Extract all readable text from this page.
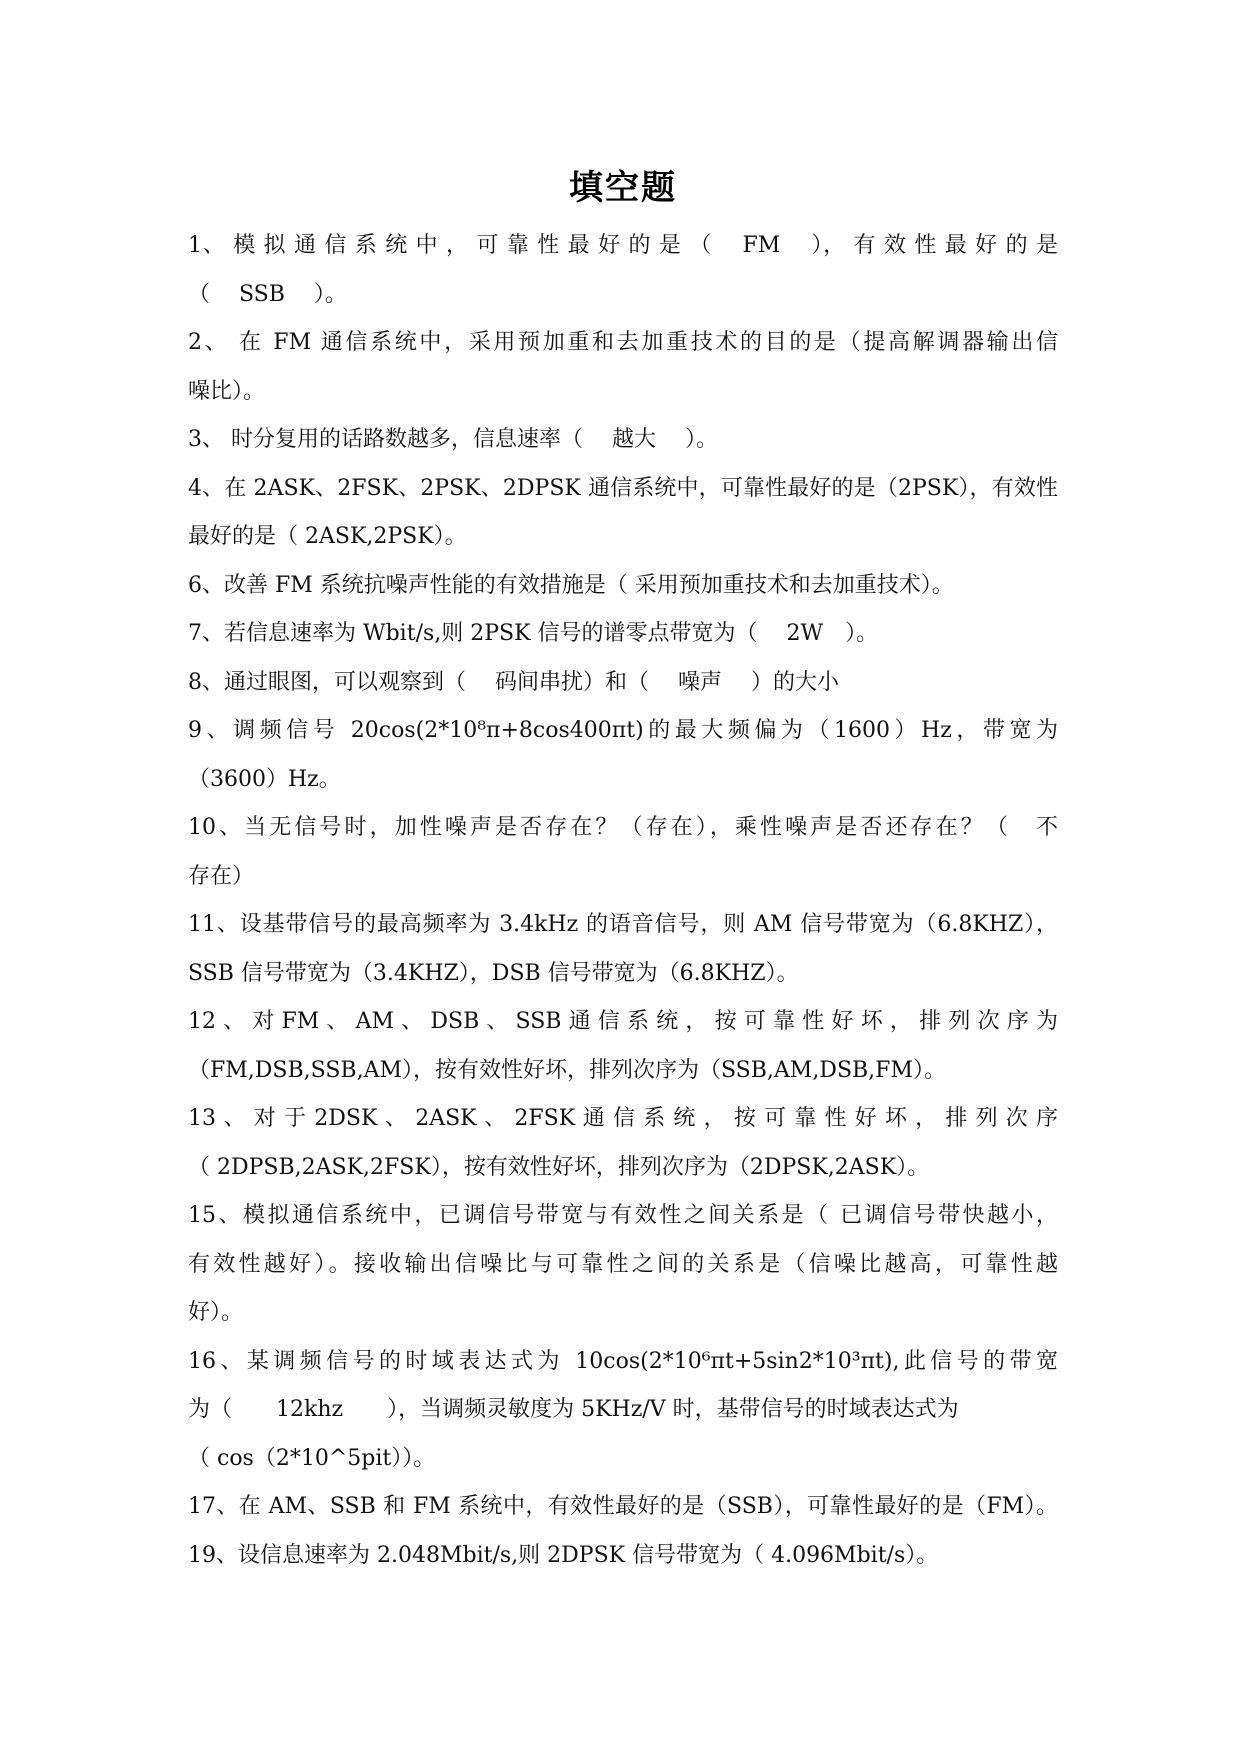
填空题
1、 模 拟 通 信 系 统 中 ， 可 靠 性 最 好 的 是 （　 FM　 ）， 有 效 性 最 好 的 是
（　 SSB　 ）。
2、 在 FM 通信系统中，采用预加重和去加重技术的目的是（提高解调器输出信
噪比）。
3、 时分复用的话路数越多，信息速率（　 越大　 ）。
4、在 2ASK、2FSK、2PSK、2DPSK 通信系统中，可靠性最好的是（2PSK），有效性
最好的是（ 2ASK,2PSK）。
6、改善 FM 系统抗噪声性能的有效措施是（ 采用预加重技术和去加重技术）。
7、若信息速率为 Wbit/s,则 2PSK 信号的谱零点带宽为（　 2W　）。
8、通过眼图，可以观察到（　 码间串扰）和（　 噪声　 ）的大小
9、调频信号 20cos(2*10⁸π+8cos400πt)的最大频偏为（1600）Hz，带宽为
（3600）Hz。
10、当无信号时，加性噪声是否存在？（存在），乘性噪声是否还存在？（　不
存在）
11、设基带信号的最高频率为 3.4kHz 的语音信号，则 AM 信号带宽为（6.8KHZ），
SSB 信号带宽为（3.4KHZ），DSB 信号带宽为（6.8KHZ）。
12 、 对 FM 、 AM 、 DSB 、 SSB 通 信 系 统 ， 按 可 靠 性 好 坏 ， 排 列 次 序 为
（FM,DSB,SSB,AM），按有效性好坏，排列次序为（SSB,AM,DSB,FM）。
13 、 对 于 2DSK 、 2ASK 、 2FSK 通 信 系 统 ， 按 可 靠 性 好 坏 ， 排 列 次 序
（ 2DPSB,2ASK,2FSK），按有效性好坏，排列次序为（2DPSK,2ASK）。
15、模拟通信系统中，已调信号带宽与有效性之间关系是（ 已调信号带快越小，
有效性越好）。接收输出信噪比与可靠性之间的关系是（信噪比越高，可靠性越
好）。
16、某调频信号的时域表达式为 10cos(2*10⁶πt+5sin2*10³πt),此信号的带宽
为（　　12khz　　），当调频灵敏度为 5KHz/V 时，基带信号的时域表达式为
（ cos（2*10^5pit））。
17、在 AM、SSB 和 FM 系统中，有效性最好的是（SSB），可靠性最好的是（FM）。
19、设信息速率为 2.048Mbit/s,则 2DPSK 信号带宽为（ 4.096Mbit/s）。
